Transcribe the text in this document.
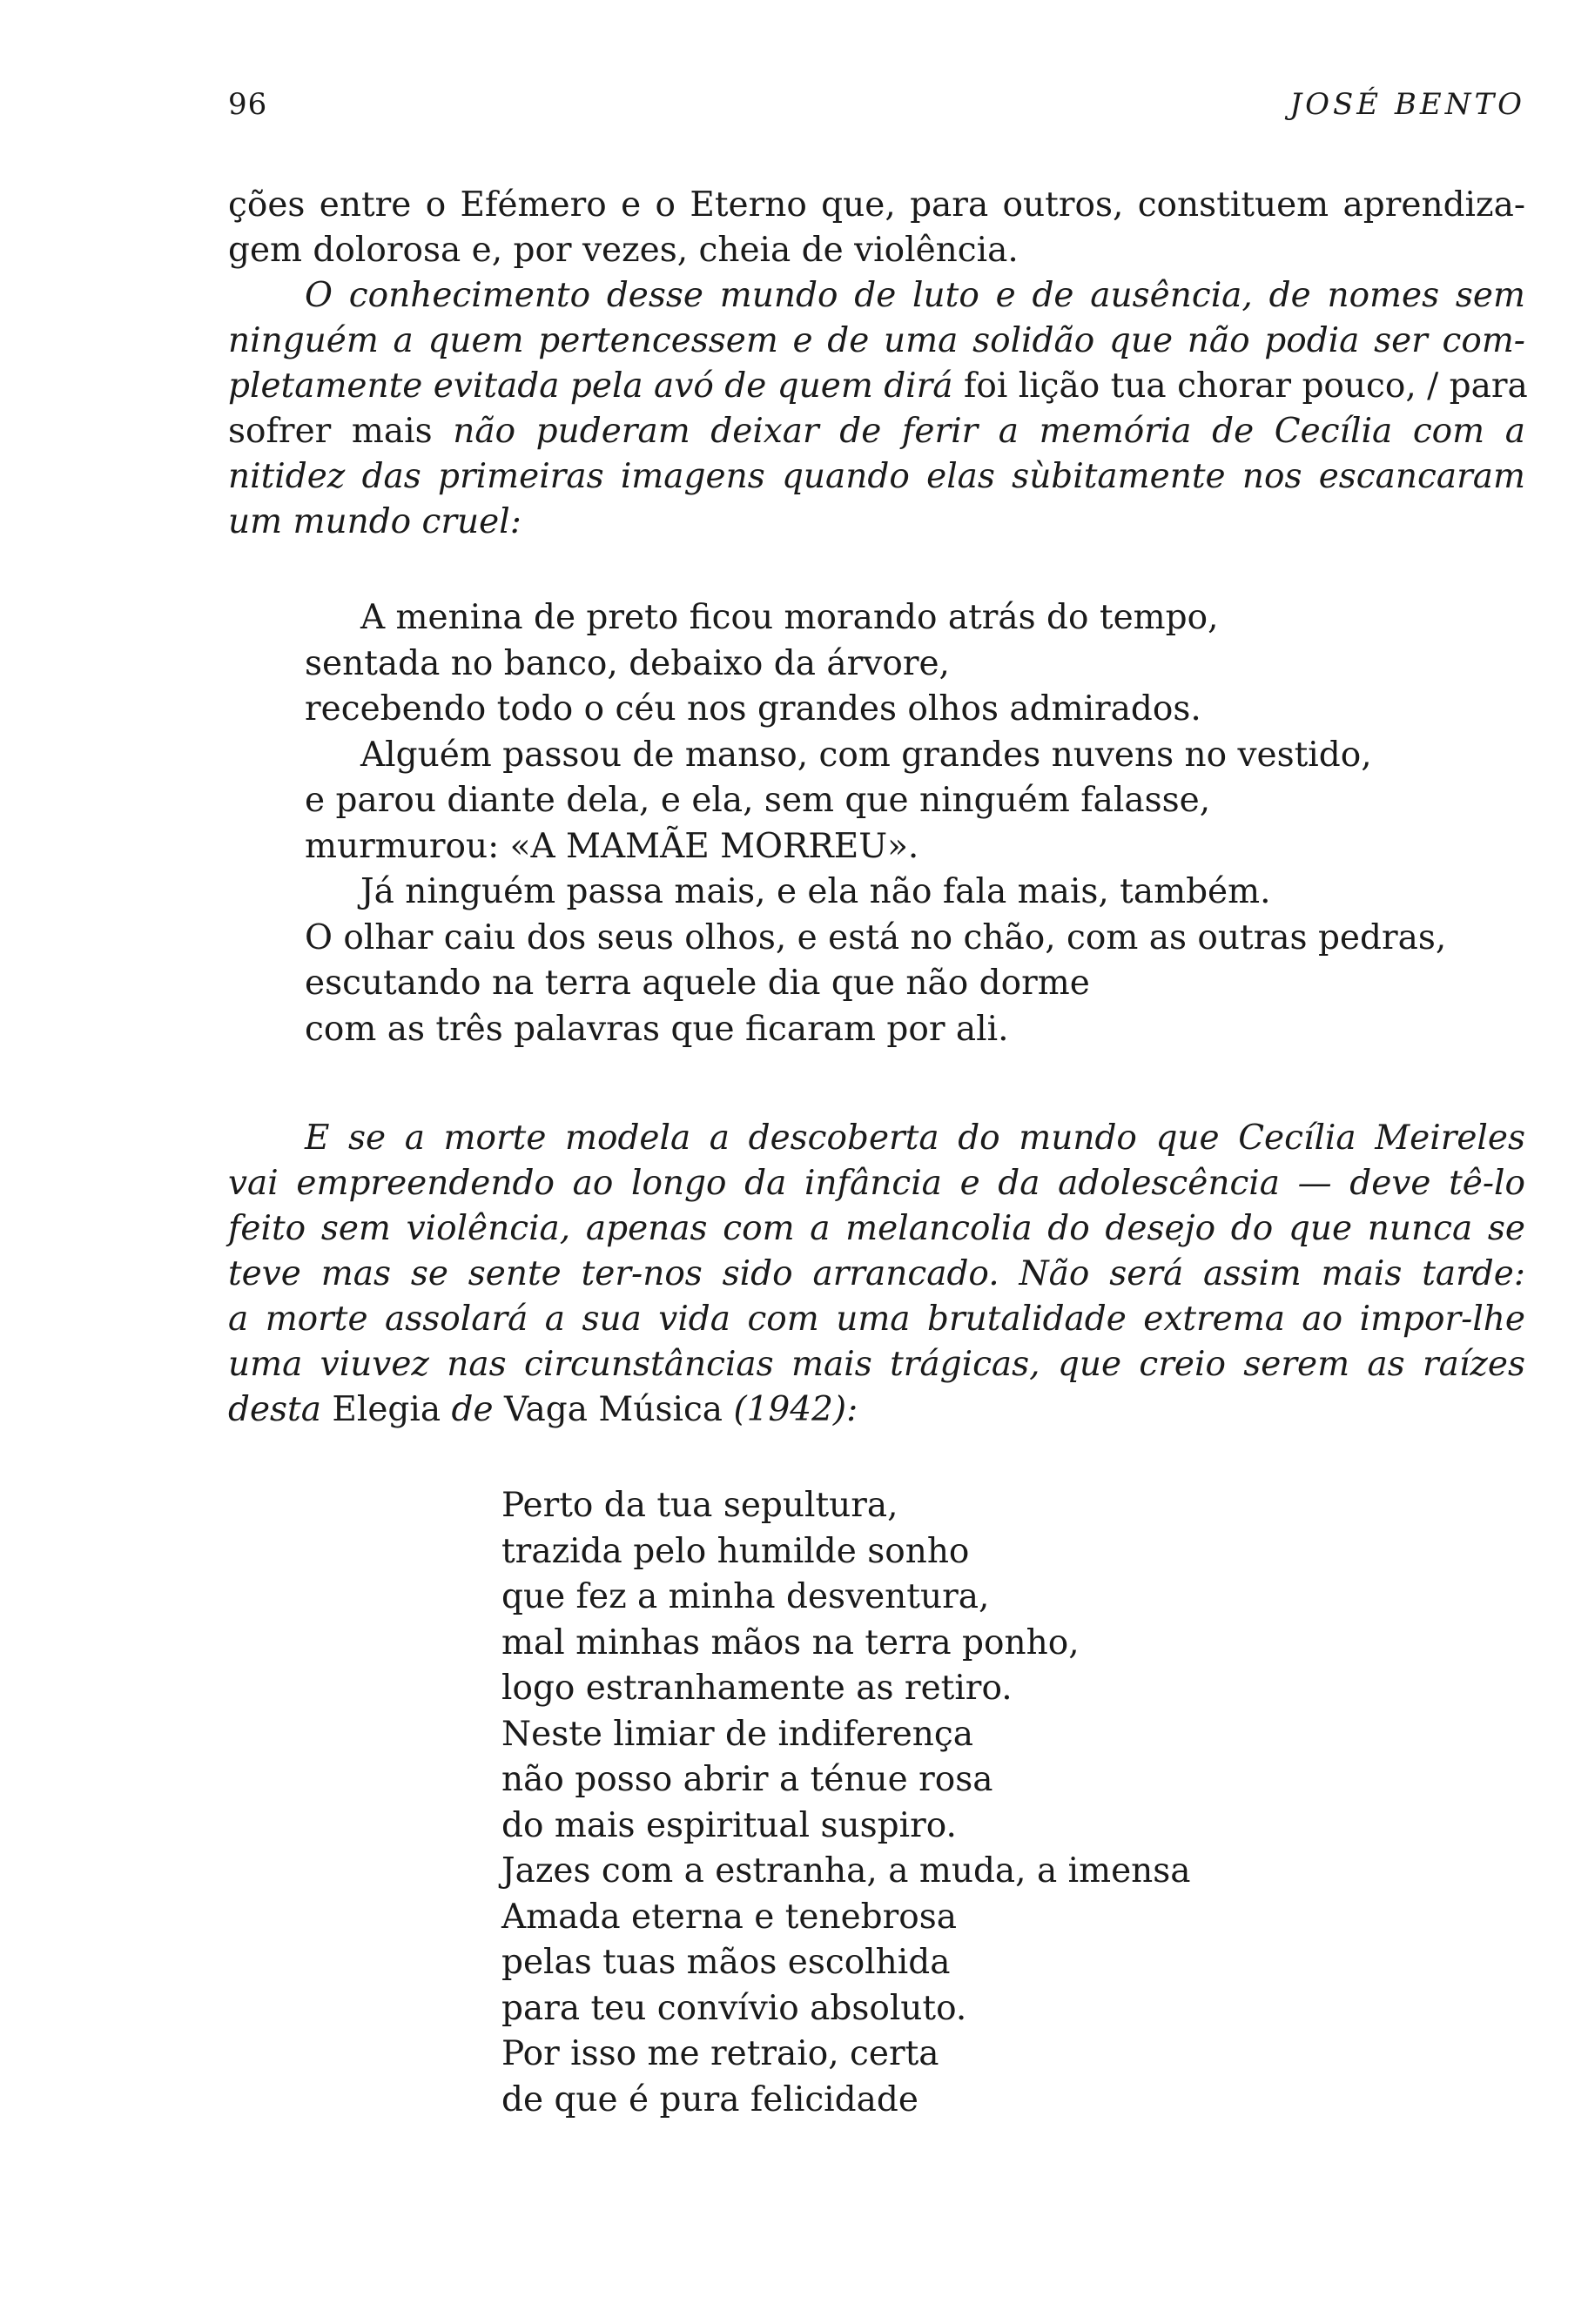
96	JOSÉ BENTO
ções entre o Efémero e o Eterno que, para outros, constituem aprendiza-
gem dolorosa e, por vezes, cheia de violência.
O conhecimento desse mundo de luto e de ausência, de nomes sem
ninguém a quem pertencessem e de uma solidão que não podia ser com-
pletamente evitada pela avó de quem dirá foi lição tua chorar pouco, / para
sofrer mais não puderam deixar de ferir a memória de Cecília com a
nitidez das primeiras imagens quando elas sùbitamente nos escancaram
um mundo cruel:
A menina de preto ficou morando atrás do tempo,
sentada no banco, debaixo da árvore,
recebendo todo o céu nos grandes olhos admirados.
Alguém passou de manso, com grandes nuvens no vestido,
e parou diante dela, e ela, sem que ninguém falasse,
murmurou: «A MAMÃE MORREU».
Já ninguém passa mais, e ela não fala mais, também.
O olhar caiu dos seus olhos, e está no chão, com as outras pedras,
escutando na terra aquele dia que não dorme
com as três palavras que ficaram por ali.
E se a morte modela a descoberta do mundo que Cecília Meireles
vai empreendendo ao longo da infância e da adolescência — deve tê-lo
feito sem violência, apenas com a melancolia do desejo do que nunca se
teve mas se sente ter-nos sido arrancado. Não será assim mais tarde:
a morte assolará a sua vida com uma brutalidade extrema ao impor-lhe
uma viuvez nas circunstâncias mais trágicas, que creio serem as raízes
desta Elegia de Vaga Música (1942):
Perto da tua sepultura,
trazida pelo humilde sonho
que fez a minha desventura,
mal minhas mãos na terra ponho,
logo estranhamente as retiro.
Neste limiar de indiferença
não posso abrir a ténue rosa
do mais espiritual suspiro.
Jazes com a estranha, a muda, a imensa
Amada eterna e tenebrosa
pelas tuas mãos escolhida
para teu convívio absoluto.
Por isso me retraio, certa
de que é pura felicidade
